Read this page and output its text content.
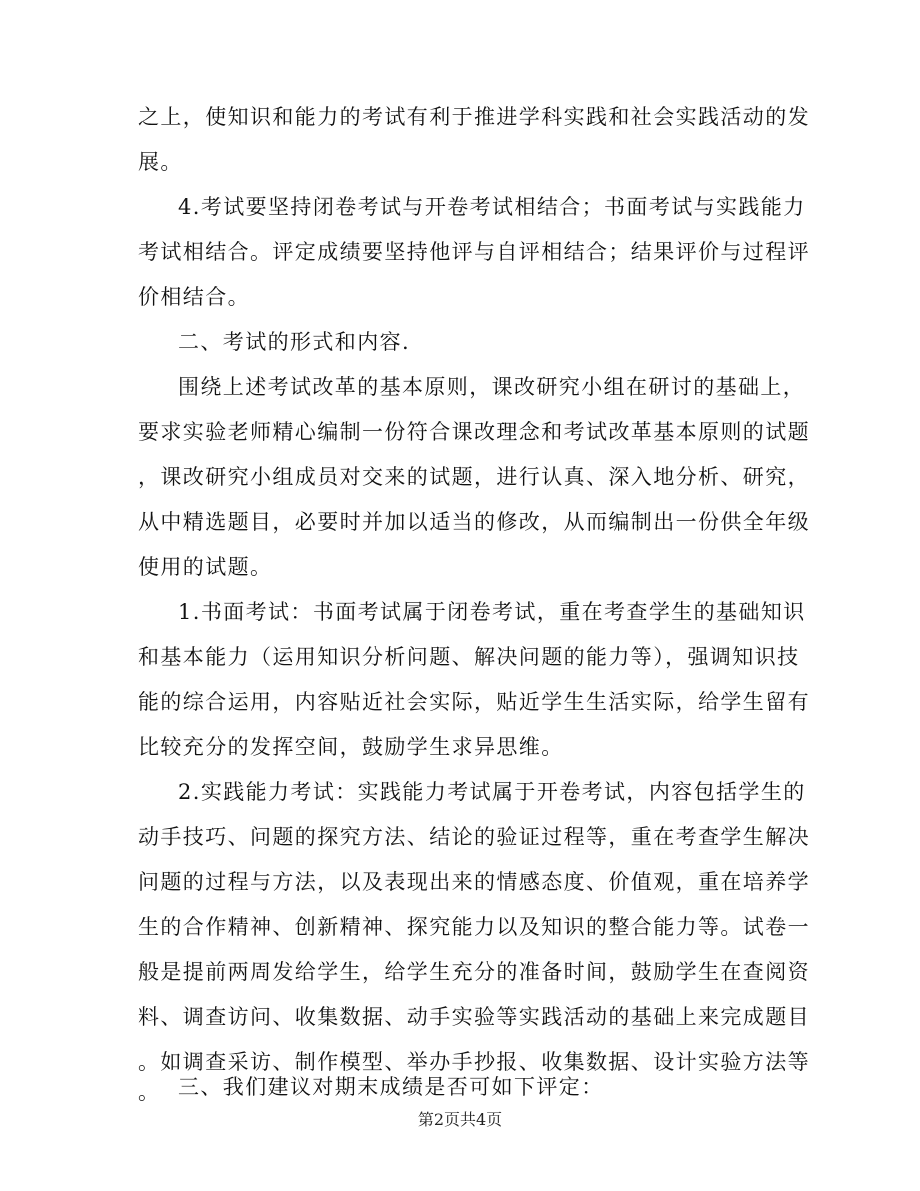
之上，使知识和能力的考试有利于推进学科实践和社会实践活动的发
展。
4.考试要坚持闭卷考试与开卷考试相结合；书面考试与实践能力
考试相结合。评定成绩要坚持他评与自评相结合；结果评价与过程评
价相结合。
二、考试的形式和内容.
围绕上述考试改革的基本原则，课改研究小组在研讨的基础上，
要求实验老师精心编制一份符合课改理念和考试改革基本原则的试题
，课改研究小组成员对交来的试题，进行认真、深入地分析、研究，
从中精选题目，必要时并加以适当的修改，从而编制出一份供全年级
使用的试题。
1.书面考试：书面考试属于闭卷考试，重在考查学生的基础知识
和基本能力（运用知识分析问题、解决问题的能力等），强调知识技
能的综合运用，内容贴近社会实际，贴近学生生活实际，给学生留有
比较充分的发挥空间，鼓励学生求异思维。
2.实践能力考试：实践能力考试属于开卷考试，内容包括学生的
动手技巧、问题的探究方法、结论的验证过程等，重在考查学生解决
问题的过程与方法，以及表现出来的情感态度、价值观，重在培养学
生的合作精神、创新精神、探究能力以及知识的整合能力等。试卷一
般是提前两周发给学生，给学生充分的准备时间，鼓励学生在查阅资
料、调查访问、收集数据、动手实验等实践活动的基础上来完成题目
。如调查采访、制作模型、举办手抄报、收集数据、设计实验方法等
。
第2页共4页
三、我们建议对期末成绩是否可如下评定：
